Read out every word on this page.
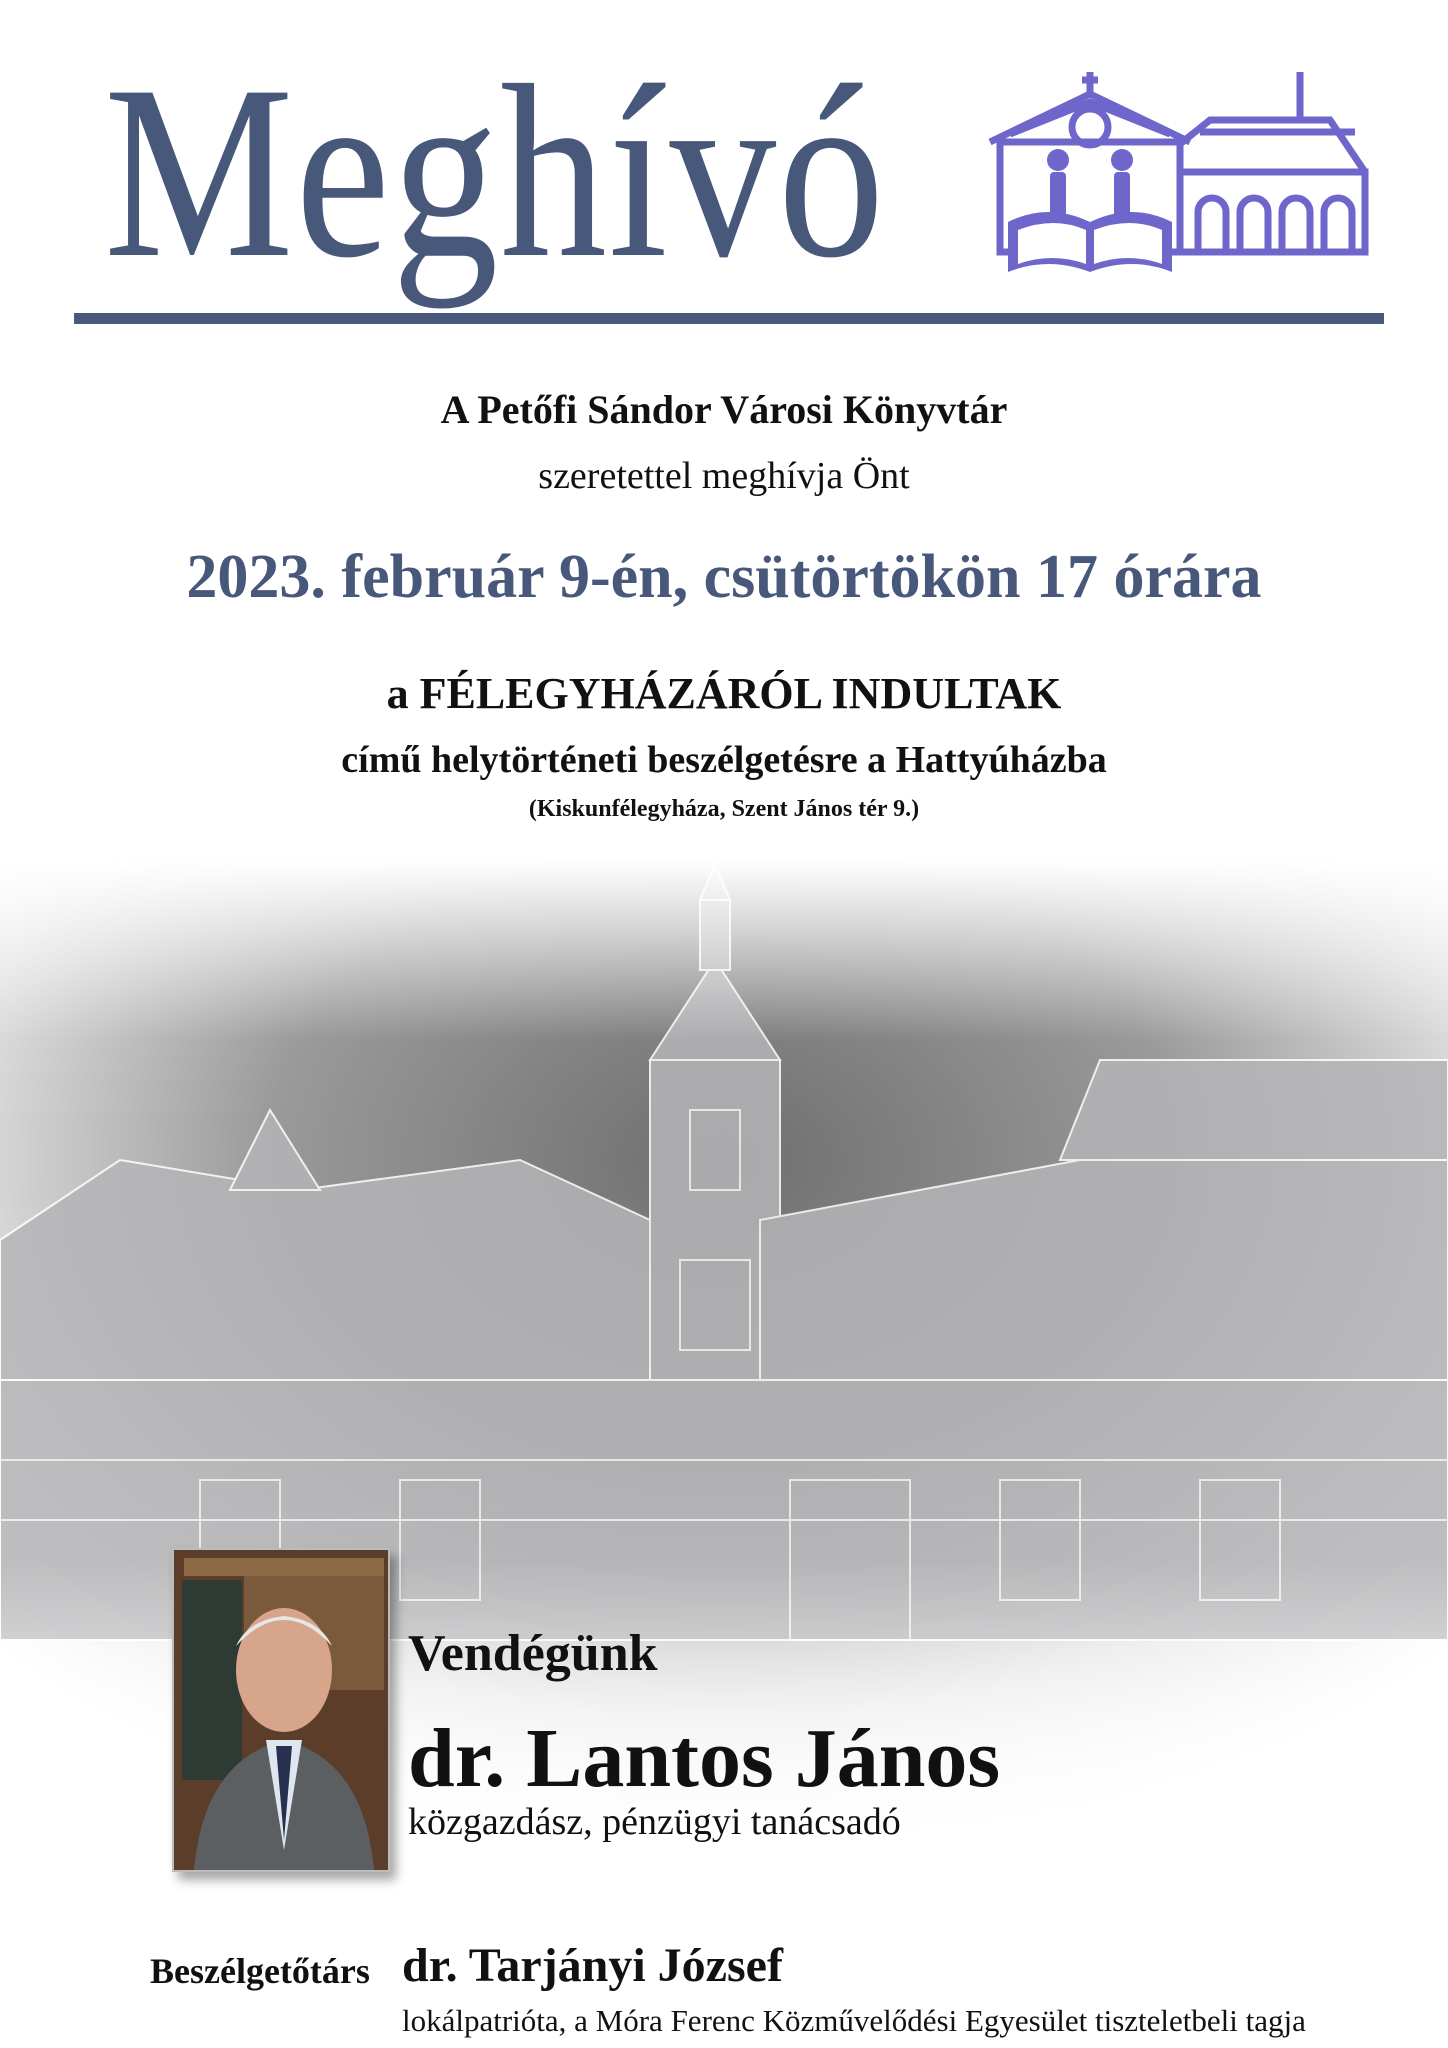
Meghívó
A Petőfi Sándor Városi Könyvtár
szeretettel meghívja Önt
2023. február 9-én, csütörtökön 17 órára
a FÉLEGYHÁZÁRÓL INDULTAK
című helytörténeti beszélgetésre a Hattyúházba
(Kiskunfélegyháza, Szent János tér 9.)
Vendégünk
dr. Lantos János
közgazdász, pénzügyi tanácsadó
Beszélgetőtárs dr. Tarjányi József
lokálpatrióta, a Móra Ferenc Közművelődési Egyesület tiszteletbeli tagja
